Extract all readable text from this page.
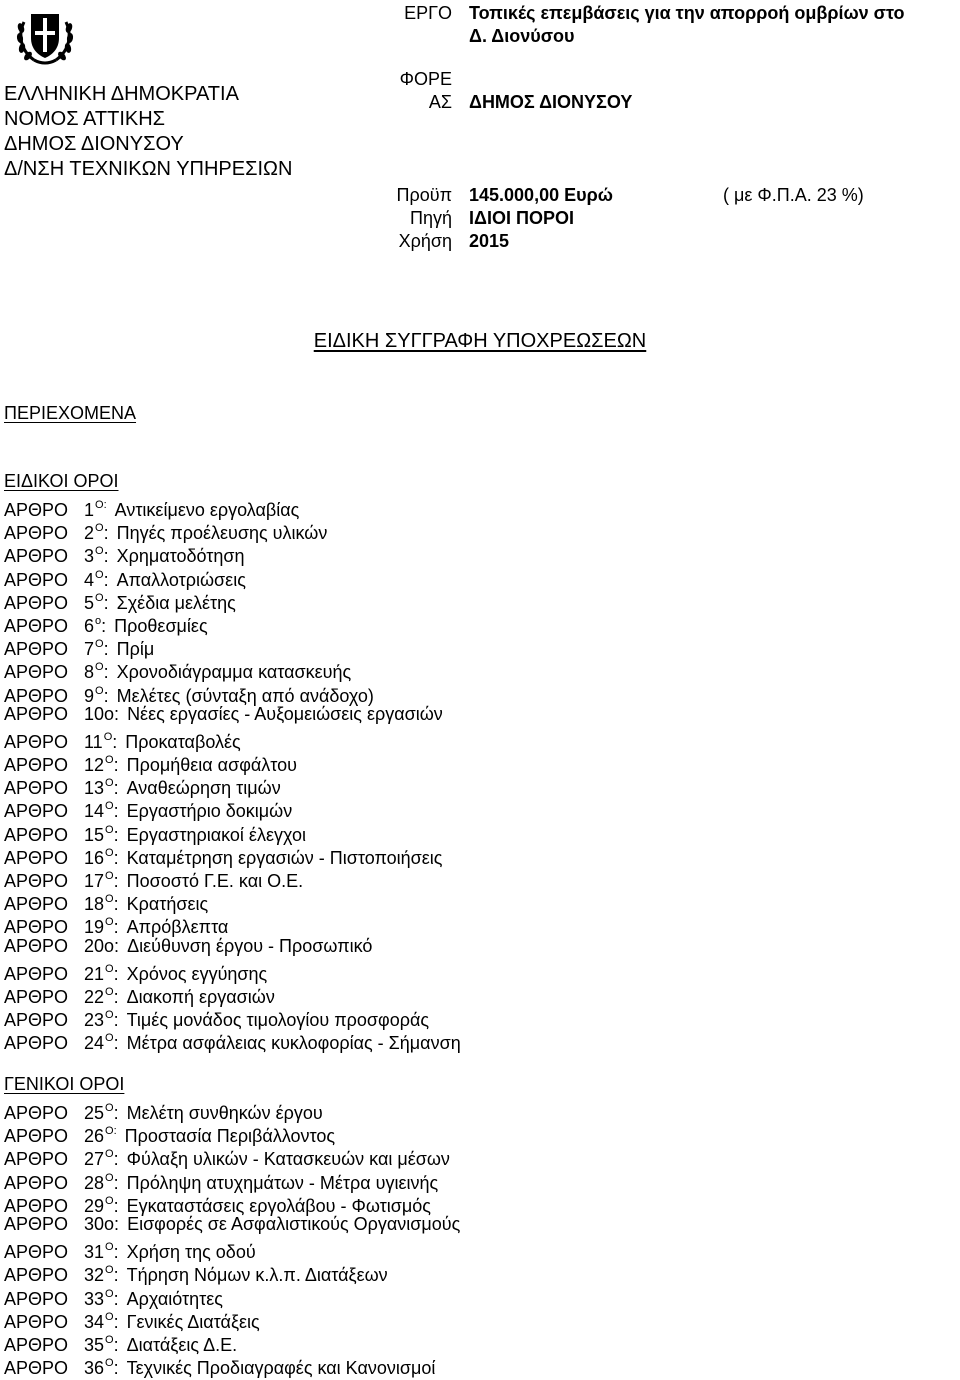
ΕΛΛΗΝΙΚΗ ΔΗΜΟΚΡΑΤΙΑ
ΝΟΜΟΣ ΑΤΤΙΚΗΣ
ΔΗΜΟΣ ΔΙΟΝΥΣΟΥ
Δ/ΝΣΗ ΤΕΧΝΙΚΩΝ ΥΠΗΡΕΣΙΩΝ
ΕΡΓΟ Τοπικές επεμβάσεις για την απορροή ομβρίων στο
Δ. Διονύσου
ΦΟΡΕ
ΑΣ ΔΗΜΟΣ ΔΙΟΝΥΣΟΥ
Προϋπ 145.000,00 Ευρώ	( με Φ.Π.Α. 23 %)
Πηγή ΙΔΙΟΙ ΠΟΡΟΙ
Χρήση 2015
ΕΙΔΙΚΗ ΣΥΓΓΡΑΦΗ ΥΠΟΧΡΕΩΣΕΩΝ
ΠΕΡΙΕΧΟΜΕΝΑ
ΕΙΔΙΚΟΙ ΟΡΟΙ
ΑΡΘΡΟ $1^{O:}$ Αντικείμενο εργολαβίας
ΑΡΘΡΟ $2^O$: Πηγές προέλευσης υλικών
ΑΡΘΡΟ $3^O$: Χρηματοδότηση
ΑΡΘΡΟ $4^O$: Απαλλοτριώσεις
ΑΡΘΡΟ $5^O$: Σχέδια μελέτης
ΑΡΘΡΟ $6^o$: Προθεσμίες
ΑΡΘΡΟ $7^O$: Πρίμ
ΑΡΘΡΟ $8^O$: Χρονοδιάγραμμα κατασκευής
ΑΡΘΡΟ $9^O$: Μελέτες (σύνταξη από ανάδοχο)
ΑΡΘΡΟ 10ο: Νέες εργασίες - Αυξομειώσεις εργασιών
ΑΡΘΡΟ $11^O$: Προκαταβολές
ΑΡΘΡΟ $12^O$: Προμήθεια ασφάλτου
ΑΡΘΡΟ $13^O$: Αναθεώρηση τιμών
ΑΡΘΡΟ $14^O$: Εργαστήριο δοκιμών
ΑΡΘΡΟ $15^O$: Εργαστηριακοί έλεγχοι
ΑΡΘΡΟ $16^O$: Καταμέτρηση εργασιών - Πιστοποιήσεις
ΑΡΘΡΟ $17^O$: Ποσοστό Γ.Ε. και Ο.Ε.
ΑΡΘΡΟ $18^O$: Κρατήσεις
ΑΡΘΡΟ $19^O$: Απρόβλεπτα
ΑΡΘΡΟ 20ο: Διεύθυνση έργου - Προσωπικό
ΑΡΘΡΟ $21^O$: Χρόνος εγγύησης
ΑΡΘΡΟ $22^O$: Διακοπή εργασιών
ΑΡΘΡΟ $23^O$: Τιμές μονάδος τιμολογίου προσφοράς
ΑΡΘΡΟ $24^O$: Μέτρα ασφάλειας κυκλοφορίας - Σήμανση
ΓΕΝΙΚΟΙ ΟΡΟΙ
ΑΡΘΡΟ $25^O$: Μελέτη συνθηκών έργου
ΑΡΘΡΟ $26^{O:}$ Προστασία Περιβάλλοντος
ΑΡΘΡΟ $27^O$: Φύλαξη υλικών - Κατασκευών και μέσων
ΑΡΘΡΟ $28^O$: Πρόληψη ατυχημάτων - Μέτρα υγιεινής
ΑΡΘΡΟ $29^O$: Εγκαταστάσεις εργολάβου - Φωτισμός
ΑΡΘΡΟ 30ο: Εισφορές σε Ασφαλιστικούς Οργανισμούς
ΑΡΘΡΟ $31^O$: Χρήση της οδού
ΑΡΘΡΟ $32^O$: Τήρηση Νόμων κ.λ.π. Διατάξεων
ΑΡΘΡΟ $33^O$: Αρχαιότητες
ΑΡΘΡΟ $34^O$: Γενικές Διατάξεις
ΑΡΘΡΟ $35^O$: Διατάξεις Δ.Ε.
ΑΡΘΡΟ $36^O$: Τεχνικές Προδιαγραφές και Κανονισμοί
